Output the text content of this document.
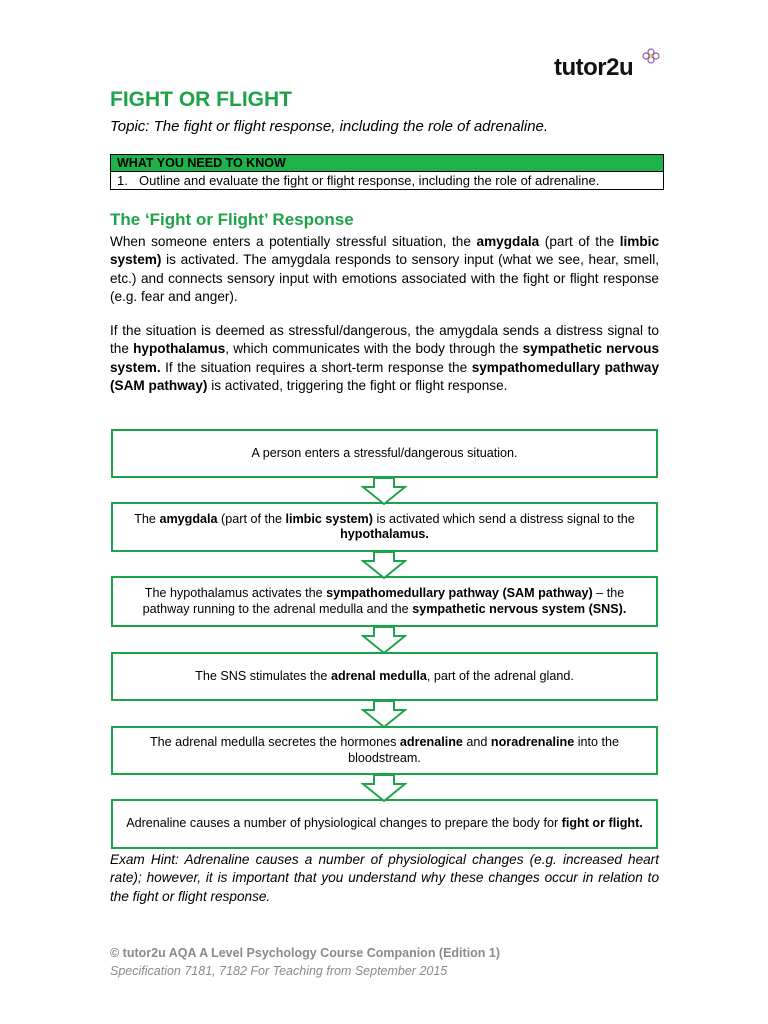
tutor2u
FIGHT OR FLIGHT

Topic: The fight or flight response, including the role of adrenaline.

WHAT YOU NEED TO KNOW
1. Outline and evaluate the fight or flight response, including the role of adrenaline.
The ‘Fight or Flight’ Response

When someone enters a potentially stressful situation, the amygdala (part of the limbic system) is activated. The amygdala responds to sensory input (what we see, hear, smell, etc.) and connects sensory input with emotions associated with the fight or flight response (e.g. fear and anger).

If the situation is deemed as stressful/dangerous, the amygdala sends a distress signal to the hypothalamus, which communicates with the body through the sympathetic nervous system. If the situation requires a short-term response the sympathomedullary pathway (SAM pathway) is activated, triggering the fight or flight response.

A person enters a stressful/dangerous situation.
The amygdala (part of the limbic system) is activated which send a distress signal to the hypothalamus.
The hypothalamus activates the sympathomedullary pathway (SAM pathway) – the pathway running to the adrenal medulla and the sympathetic nervous system (SNS).
The SNS stimulates the adrenal medulla, part of the adrenal gland.
The adrenal medulla secretes the hormones adrenaline and noradrenaline into the bloodstream.
Adrenaline causes a number of physiological changes to prepare the body for fight or flight.

Exam Hint: Adrenaline causes a number of physiological changes (e.g. increased heart rate); however, it is important that you understand why these changes occur in relation to the fight or flight response.

© tutor2u AQA A Level Psychology Course Companion (Edition 1)

Specification 7181, 7182 For Teaching from September 2015
